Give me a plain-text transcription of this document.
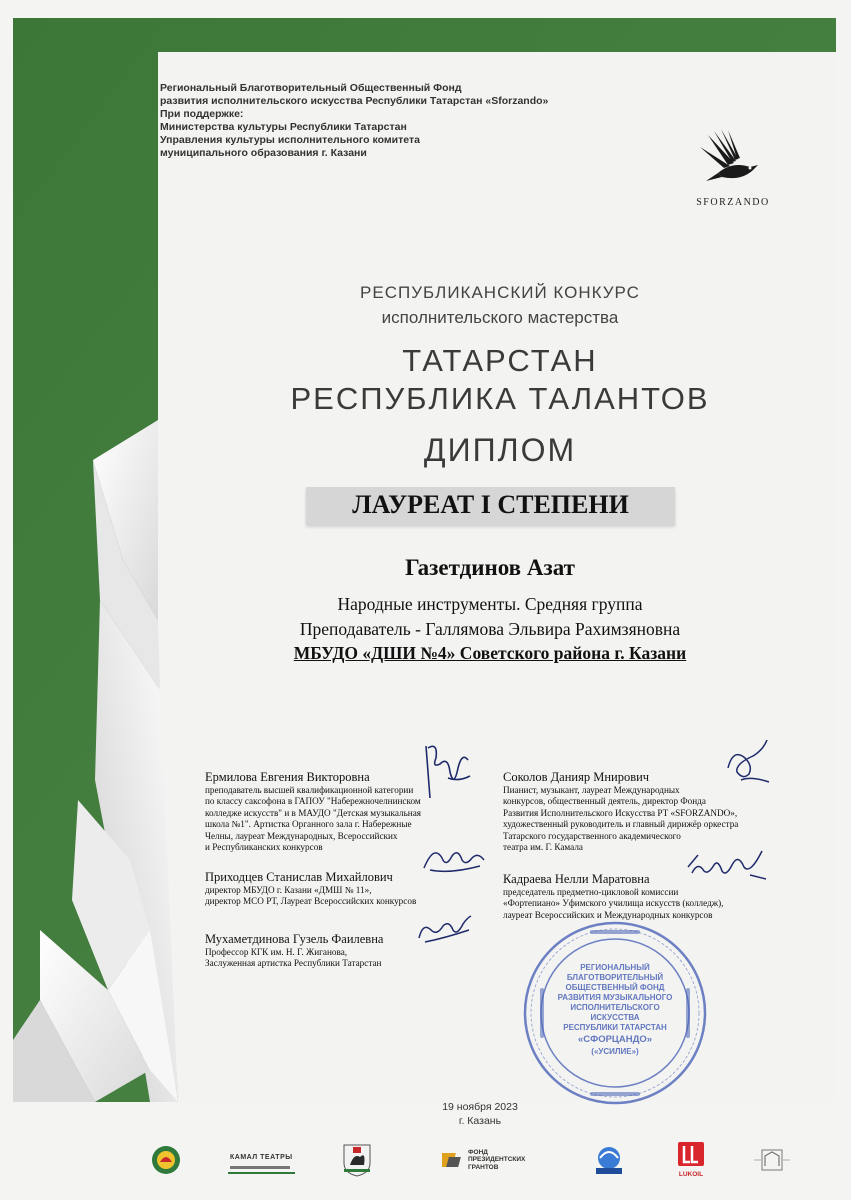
Региональный Благотворительный Общественный Фонд
развития исполнительского искусства Республики Татарстан «Sforzando»
При поддержке:
Министерства культуры Республики Татарстан
Управления культуры исполнительного комитета
муниципального образования г. Казани
SFORZANDO
РЕСПУБЛИКАНСКИЙ КОНКУРС
исполнительского мастерства
ТАТАРСТАН
РЕСПУБЛИКА ТАЛАНТОВ
ДИПЛОМ
ЛАУРЕАТ I СТЕПЕНИ
Газетдинов Азат
Народные инструменты. Средняя группа
Преподаватель - Галлямова Эльвира Рахимзяновна
МБУДО «ДШИ №4» Советского района г. Казани
Ермилова Евгения Викторовна
преподаватель высшей квалификационной категории
по классу саксофона в ГАПОУ "Набережночелнинском
колледже искусств" и в МАУДО "Детская музыкальная
школа №1". Артистка Органного зала г. Набережные
Челны, лауреат Международных, Всероссийских
и Республиканских конкурсов
Приходцев Станислав Михайлович
директор МБУДО г. Казани «ДМШ № 11»,
директор МСО РТ, Лауреат Всероссийских конкурсов
Мухаметдинова Гузель Фаилевна
Профессор КГК им. Н. Г. Жиганова,
Заслуженная артистка Республики Татарстан
Соколов Данияр Мнирович
Пианист, музыкант, лауреат Международных
конкурсов, общественный деятель, директор Фонда
Развития Исполнительского Искусства РТ «SFORZANDO»,
художественный руководитель и главный дирижёр оркестра
Татарского государственного академического
театра им. Г. Камала
Кадраева Нелли Маратовна
председатель предметно-цикловой комиссии
«Фортепиано» Уфимского училища искусств (колледж),
лауреат Всероссийских и Международных конкурсов
РЕГИОНАЛЬНЫЙ
БЛАГОТВОРИТЕЛЬНЫЙ
ОБЩЕСТВЕННЫЙ ФОНД
РАЗВИТИЯ МУЗЫКАЛЬНОГО
ИСПОЛНИТЕЛЬСКОГО
ИСКУССТВА
РЕСПУБЛИКИ ТАТАРСТАН
«СФОРЦАНДО»
(«УСИЛИЕ»)
19 ноября 2023
г. Казань
КАМАЛ ТЕАТРЫ
ФОНД
ПРЕЗИДЕНТСКИХ
ГРАНТОВ
LUKOIL
